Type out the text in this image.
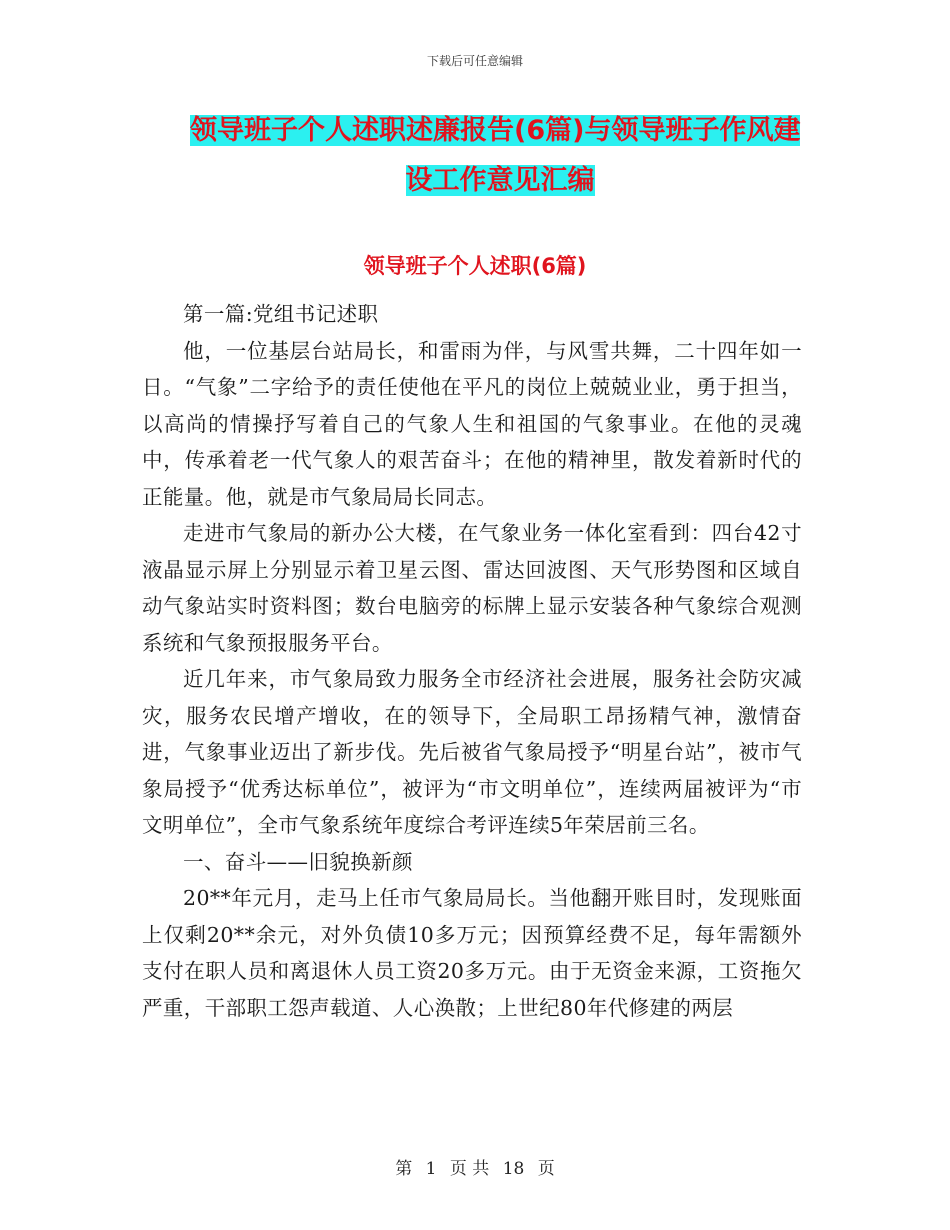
下载后可任意编辑
领导班子个人述职述廉报告(6篇)与领导班子作风建
设工作意见汇编
领导班子个人述职(6篇)

第一篇:党组书记述职

他，一位基层台站局长，和雷雨为伴，与风雪共舞，二十四年如一日。“气象”二字给予的责任使他在平凡的岗位上兢兢业业，勇于担当，以高尚的情操抒写着自己的气象人生和祖国的气象事业。在他的灵魂中，传承着老一代气象人的艰苦奋斗；在他的精神里，散发着新时代的正能量。他，就是市气象局局长同志。

走进市气象局的新办公大楼，在气象业务一体化室看到：四台42寸液晶显示屏上分别显示着卫星云图、雷达回波图、天气形势图和区域自动气象站实时资料图；数台电脑旁的标牌上显示安装各种气象综合观测系统和气象预报服务平台。

近几年来，市气象局致力服务全市经济社会进展，服务社会防灾减灾，服务农民增产增收，在的领导下，全局职工昂扬精气神，激情奋进，气象事业迈出了新步伐。先后被省气象局授予“明星台站”，被市气象局授予“优秀达标单位”，被评为“市文明单位”，连续两届被评为“市文明单位”，全市气象系统年度综合考评连续5年荣居前三名。

一、奋斗——旧貌换新颜

20**年元月，走马上任市气象局局长。当他翻开账目时，发现账面上仅剩20**余元，对外负债10多万元；因预算经费不足，每年需额外支付在职人员和离退休人员工资20多万元。由于无资金来源，工资拖欠严重，干部职工怨声载道、人心涣散；上世纪80年代修建的两层

第 1 页 共 18 页
